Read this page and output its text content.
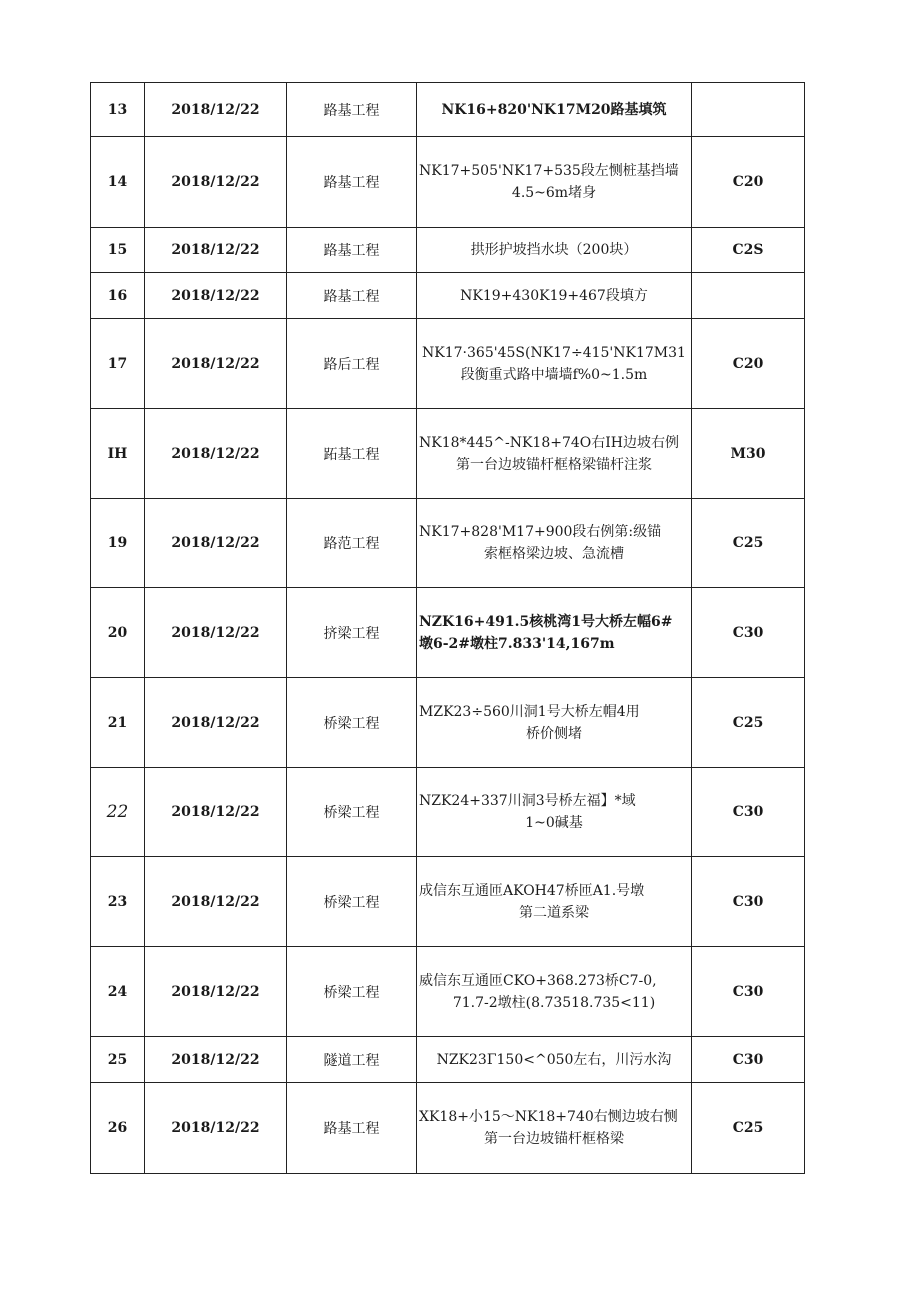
13	2018/12/22	路基工程	NK16+820'NK17M20路基填筑	

14	2018/12/22	路基工程	NK17+505'NK17+535段左恻桩基挡墙
4.5~6m堵身	C20
15	2018/12/22	路基工程	拱形护坡挡水块（200块）	C2S
16	2018/12/22	路基工程	NK19+430K19+467段填方	

17	2018/12/22	路后工程	NK17·365'45S(NK17÷415'NK17M31
段衡重式路中墙墙f%0~1.5m	C20
IH	2018/12/22	跖基工程	NK18*445^-NK18+74O右IH边坡右例
第一台边坡锚杆框格梁锚杆注浆	M30
19	2018/12/22	路范工程	NK17+828'M17+900段右例第:级锚
索框格梁边坡、急流槽	C25
20	2018/12/22	挤梁工程	NZK16+491.5核桃湾1号大桥左幅6#
墩6-2#墩柱7.833'14,167m	C30
21	2018/12/22	桥梁工程	MZK23÷560川洞1号大桥左帽4用
桥价侧堵	C25
22	2018/12/22	桥梁工程	NZK24+337川洞3号桥左福】*域
1~0碱基	C30
23	2018/12/22	桥梁工程	成信东互通匝AKOH47桥匝A1.号墩
第二道系梁	C30
24	2018/12/22	桥梁工程	威信东互通匝CKO+368.273桥C7-0,
71.7-2墩柱(8.73518.735<11)	C30
25	2018/12/22	隧道工程	NZK23Γ150<^050左右，川污水沟	C30
26	2018/12/22	路基工程	XK18+小15～NK18+740右恻边坡右恻
第一台边坡锚杆框格梁	C25
